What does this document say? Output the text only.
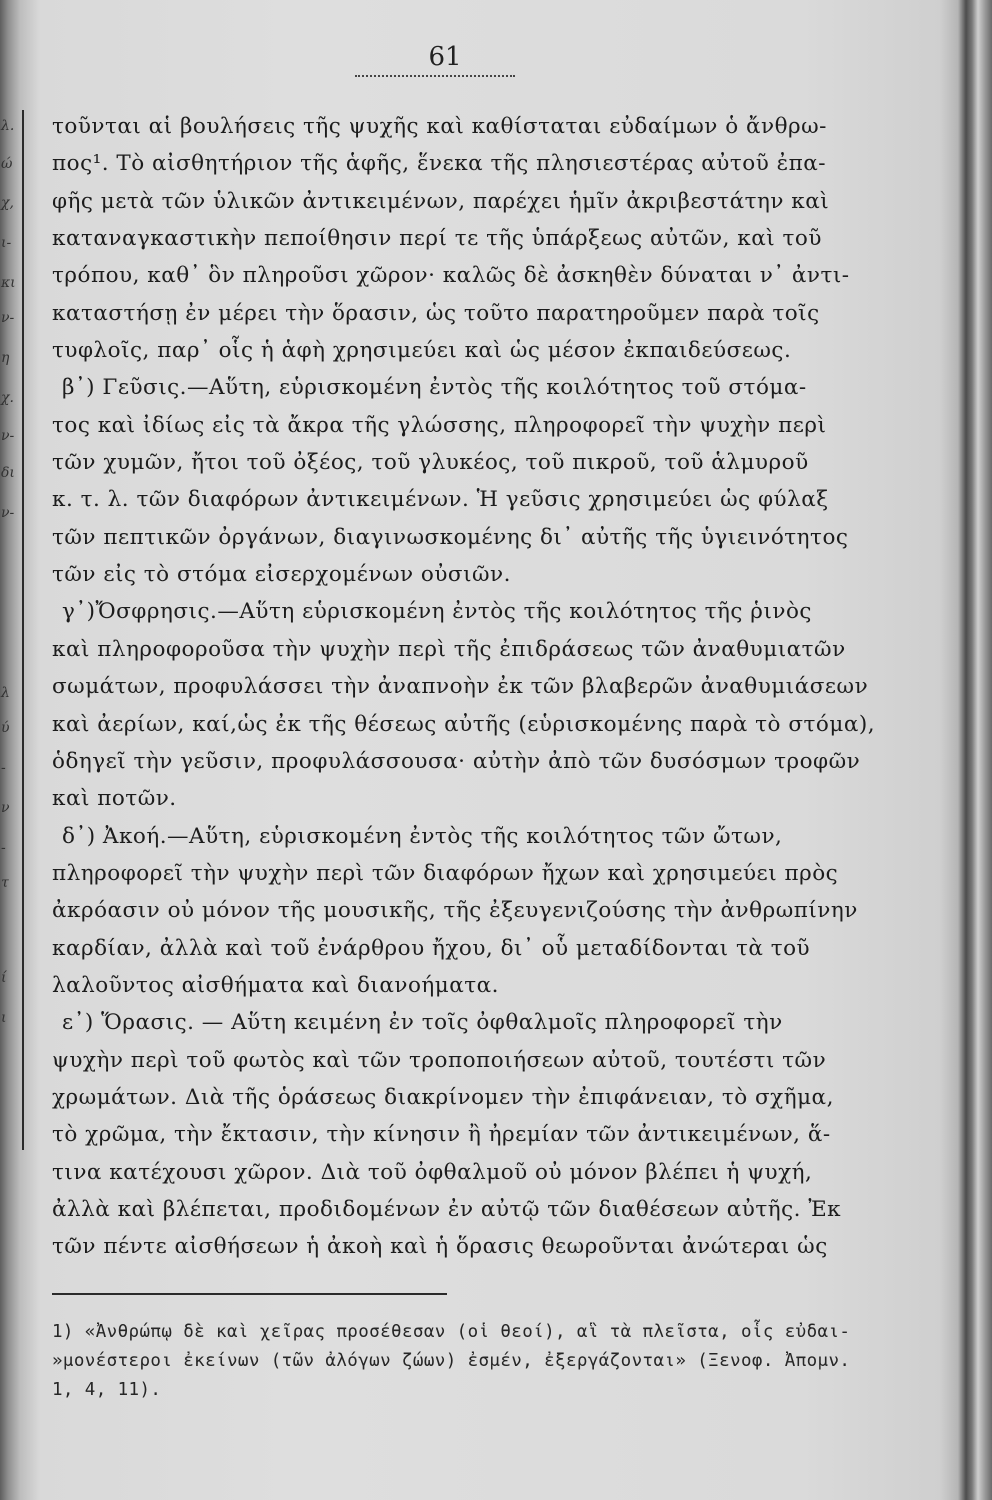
λ.
ώ
χ,
ι-
κι
ν-
η
χ.
ν-
δι
ν-
λ
ύ
-
ν
-
τ
ί
ι
61
τοῦνται αἱ βουλήσεις τῆς ψυχῆς καὶ καθίσταται εὐδαίμων ὁ ἄνθρω-
πος¹. Τὸ αἰσθητήριον τῆς ἁφῆς, ἕνεκα τῆς πλησιεστέρας αὐτοῦ ἐπα-
φῆς μετὰ τῶν ὑλικῶν ἀντικειμένων, παρέχει ἡμῖν ἀκριβεστάτην καὶ
καταναγκαστικὴν πεποίθησιν περί τε τῆς ὑπάρξεως αὐτῶν, καὶ τοῦ
τρόπου, καθ᾽ ὃν πληροῦσι χῶρον· καλῶς δὲ ἀσκηθὲν δύναται ν᾽ ἀντι-
καταστήσῃ ἐν μέρει τὴν ὅρασιν, ὡς τοῦτο παρατηροῦμεν παρὰ τοῖς
τυφλοῖς, παρ᾽ οἷς ἡ ἁφὴ χρησιμεύει καὶ ὡς μέσον ἐκπαιδεύσεως.
β᾽) Γεῦσις.—Αὕτη, εὑρισκομένη ἐντὸς τῆς κοιλότητος τοῦ στόμα-
τος καὶ ἰδίως εἰς τὰ ἄκρα τῆς γλώσσης, πληροφορεῖ τὴν ψυχὴν περὶ
τῶν χυμῶν, ἤτοι τοῦ ὀξέος, τοῦ γλυκέος, τοῦ πικροῦ, τοῦ ἁλμυροῦ
κ. τ. λ. τῶν διαφόρων ἀντικειμένων. Ἡ γεῦσις χρησιμεύει ὡς φύλαξ
τῶν πεπτικῶν ὀργάνων, διαγινωσκομένης δι᾽ αὐτῆς τῆς ὑγιεινότητος
τῶν εἰς τὸ στόμα εἰσερχομένων οὐσιῶν.
γ᾽)Ὄσφρησις.—Αὕτη εὑρισκομένη ἐντὸς τῆς κοιλότητος τῆς ῥινὸς
καὶ πληροφοροῦσα τὴν ψυχὴν περὶ τῆς ἐπιδράσεως τῶν ἀναθυμιατῶν
σωμάτων, προφυλάσσει τὴν ἀναπνοὴν ἐκ τῶν βλαβερῶν ἀναθυμιάσεων
καὶ ἀερίων, καί,ὡς ἐκ τῆς θέσεως αὐτῆς (εὑρισκομένης παρὰ τὸ στόμα),
ὁδηγεῖ τὴν γεῦσιν, προφυλάσσουσα· αὐτὴν ἀπὸ τῶν δυσόσμων τροφῶν
καὶ ποτῶν.
δ᾽) Ἀκοή.—Αὕτη, εὑρισκομένη ἐντὸς τῆς κοιλότητος τῶν ὤτων,
πληροφορεῖ τὴν ψυχὴν περὶ τῶν διαφόρων ἤχων καὶ χρησιμεύει πρὸς
ἀκρόασιν οὐ μόνον τῆς μουσικῆς, τῆς ἐξευγενιζούσης τὴν ἀνθρωπίνην
καρδίαν, ἀλλὰ καὶ τοῦ ἐνάρθρου ἤχου, δι᾽ οὗ μεταδίδονται τὰ τοῦ
λαλοῦντος αἰσθήματα καὶ διανοήματα.
ε᾽) Ὅρασις. — Αὕτη κειμένη ἐν τοῖς ὀφθαλμοῖς πληροφορεῖ τὴν
ψυχὴν περὶ τοῦ φωτὸς καὶ τῶν τροποποιήσεων αὐτοῦ, τουτέστι τῶν
χρωμάτων. Διὰ τῆς ὁράσεως διακρίνομεν τὴν ἐπιφάνειαν, τὸ σχῆμα,
τὸ χρῶμα, τὴν ἔκτασιν, τὴν κίνησιν ἢ ἠρεμίαν τῶν ἀντικειμένων, ἅ-
τινα κατέχουσι χῶρον. Διὰ τοῦ ὀφθαλμοῦ οὐ μόνον βλέπει ἡ ψυχή,
ἀλλὰ καὶ βλέπεται, προδιδομένων ἐν αὐτῷ τῶν διαθέσεων αὐτῆς. Ἐκ
τῶν πέντε αἰσθήσεων ἡ ἀκοὴ καὶ ἡ ὅρασις θεωροῦνται ἀνώτεραι ὡς
1) «Ἀνθρώπῳ δὲ καὶ χεῖρας προσέθεσαν (οἱ θεοί), αἳ τὰ πλεῖστα, οἷς εὐδαι-
»μονέστεροι ἐκείνων (τῶν ἀλόγων ζώων) ἐσμέν, ἐξεργάζονται» (Ξενοφ. Ἀπομν.
1, 4, 11).
